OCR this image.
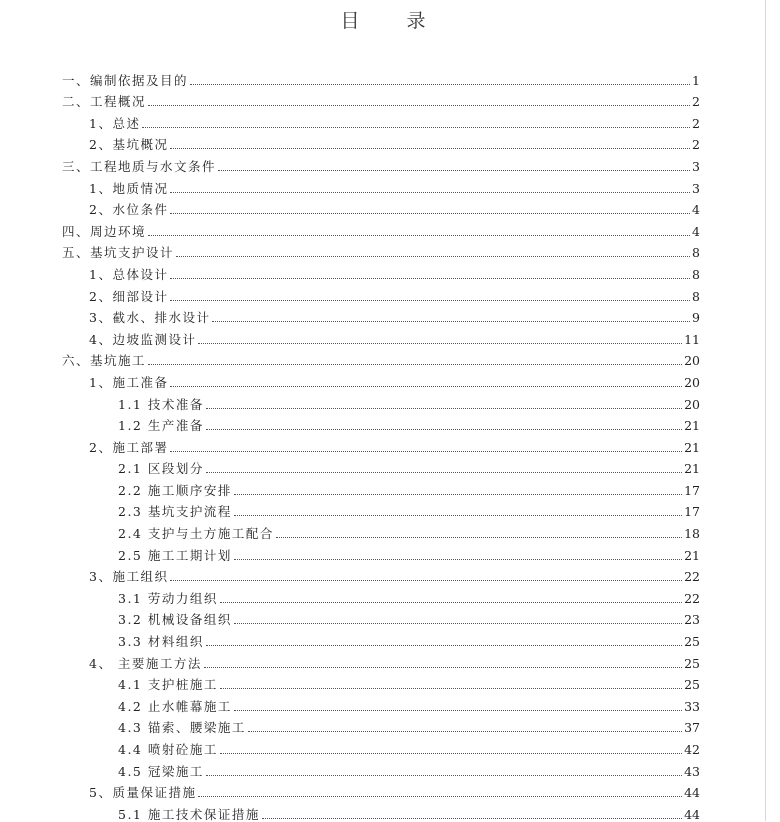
目　录
一、编制依据及目的	1
二、工程概况	2
1、总述	2
2、基坑概况	2
三、工程地质与水文条件	3
1、地质情况	3
2、水位条件	4
四、周边环境	4
五、基坑支护设计	8
1、总体设计	8
2、细部设计	8
3、截水、排水设计	9
4、边坡监测设计	11
六、基坑施工	20
1、施工准备	20
1.1 技术准备	20
1.2 生产准备	21
2、施工部署	21
2.1 区段划分	21
2.2 施工顺序安排	17
2.3 基坑支护流程	17
2.4 支护与土方施工配合	18
2.5 施工工期计划	21
3、施工组织	22
3.1 劳动力组织	22
3.2 机械设备组织	23
3.3 材料组织	25
4、 主要施工方法	25
4.1 支护桩施工	25
4.2 止水帷幕施工	33
4.3 锚索、腰梁施工	37
4.4 喷射砼施工	42
4.5 冠梁施工	43
5、质量保证措施	44
5.1 施工技术保证措施	44
